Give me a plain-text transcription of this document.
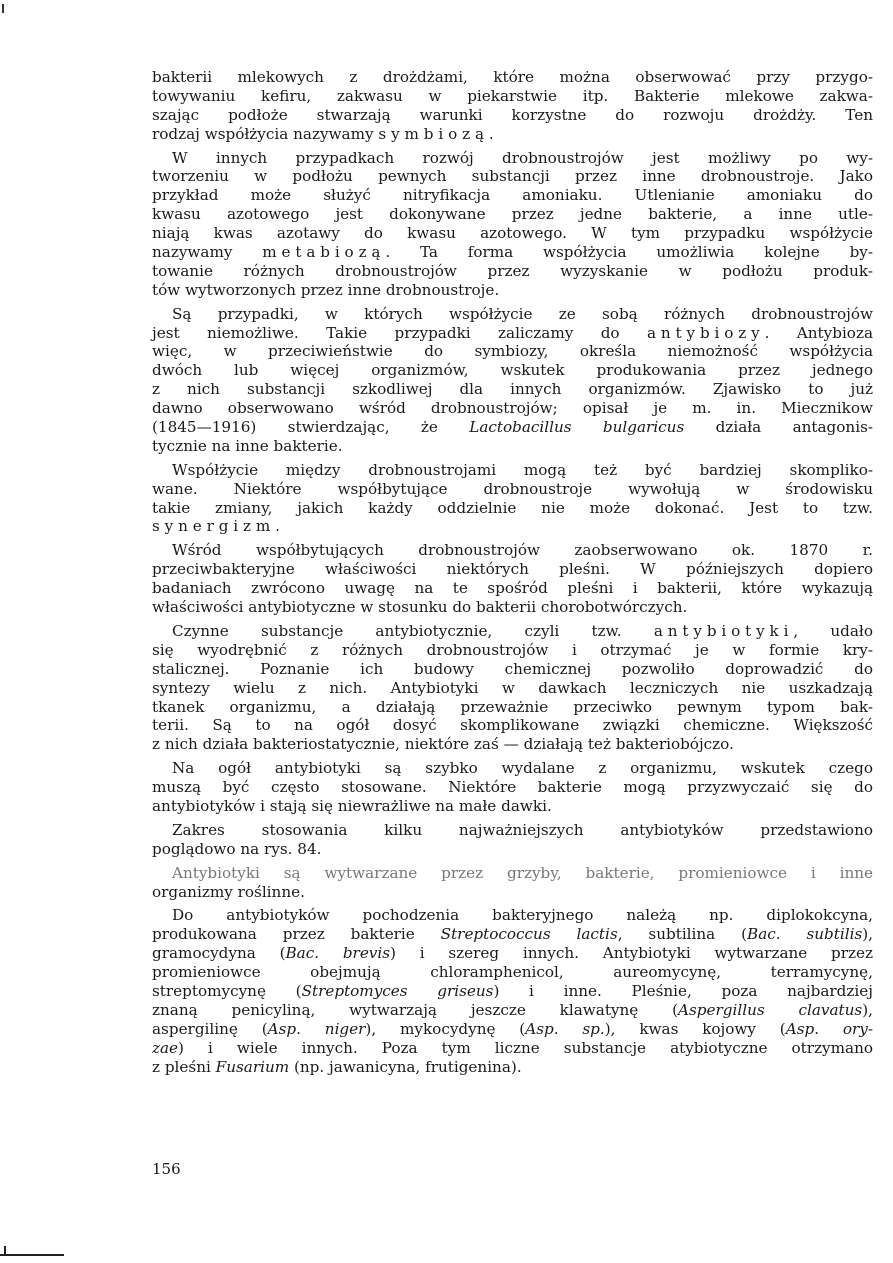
bakterii mlekowych z drożdżami, które można obserwować przy przygo-
towywaniu kefiru, zakwasu w piekarstwie itp. Bakterie mlekowe zakwa-
szając podłoże stwarzają warunki korzystne do rozwoju drożdży. Ten
rodzaj współżycia nazywamy symbiozą.
W innych przypadkach rozwój drobnoustrojów jest możliwy po wy-
tworzeniu w podłożu pewnych substancji przez inne drobnoustroje. Jako
przykład może służyć nitryfikacja amoniaku. Utlenianie amoniaku do
kwasu azotowego jest dokonywane przez jedne bakterie, a inne utle-
niają kwas azotawy do kwasu azotowego. W tym przypadku współżycie
nazywamy metabiozą. Ta forma współżycia umożliwia kolejne by-
towanie różnych drobnoustrojów przez wyzyskanie w podłożu produk-
tów wytworzonych przez inne drobnoustroje.
Są przypadki, w których współżycie ze sobą różnych drobnoustrojów
jest niemożliwe. Takie przypadki zaliczamy do antybiozy. Antybioza
więc, w przeciwieństwie do symbiozy, określa niemożność współżycia
dwóch lub więcej organizmów, wskutek produkowania przez jednego
z nich substancji szkodliwej dla innych organizmów. Zjawisko to już
dawno obserwowano wśród drobnoustrojów; opisał je m. in. Miecznikow
(1845—1916) stwierdzając, że Lactobacillus bulgaricus działa antagonis-
tycznie na inne bakterie.
Współżycie między drobnoustrojami mogą też być bardziej skompliko-
wane. Niektóre współbytujące drobnoustroje wywołują w środowisku
takie zmiany, jakich każdy oddzielnie nie może dokonać. Jest to tzw.
synergizm.
Wśród współbytujących drobnoustrojów zaobserwowano ok. 1870 r.
przeciwbakteryjne właściwości niektórych pleśni. W późniejszych dopiero
badaniach zwrócono uwagę na te spośród pleśni i bakterii, które wykazują
właściwości antybiotyczne w stosunku do bakterii chorobotwórczych.
Czynne substancje antybiotycznie, czyli tzw. antybiotyki, udało
się wyodrębnić z różnych drobnoustrojów i otrzymać je w formie kry-
stalicznej. Poznanie ich budowy chemicznej pozwoliło doprowadzić do
syntezy wielu z nich. Antybiotyki w dawkach leczniczych nie uszkadzają
tkanek organizmu, a działają przeważnie przeciwko pewnym typom bak-
terii. Są to na ogół dosyć skomplikowane związki chemiczne. Większość
z nich działa bakteriostatycznie, niektóre zaś — działają też bakteriobójczo.
Na ogół antybiotyki są szybko wydalane z organizmu, wskutek czego
muszą być często stosowane. Niektóre bakterie mogą przyzwyczaić się do
antybiotyków i stają się niewrażliwe na małe dawki.
Zakres stosowania kilku najważniejszych antybiotyków przedstawiono
poglądowo na rys. 84.
Antybiotyki są wytwarzane przez grzyby, bakterie, promieniowce i inne
organizmy roślinne.
Do antybiotyków pochodzenia bakteryjnego należą np. diplokokcyna,
produkowana przez bakterie Streptococcus lactis, subtilina (Bac. subtilis),
gramocydyna (Bac. brevis) i szereg innych. Antybiotyki wytwarzane przez
promieniowce obejmują chloramphenicol, aureomycynę, terramycynę,
streptomycynę (Streptomyces griseus) i inne. Pleśnie, poza najbardziej
znaną penicyliną, wytwarzają jeszcze klawatynę (Aspergillus clavatus),
aspergilinę (Asp. niger), mykocydynę (Asp. sp.), kwas kojowy (Asp. ory-
zae) i wiele innych. Poza tym liczne substancje atybiotyczne otrzymano
z pleśni Fusarium (np. jawanicyna, frutigenina).
156
